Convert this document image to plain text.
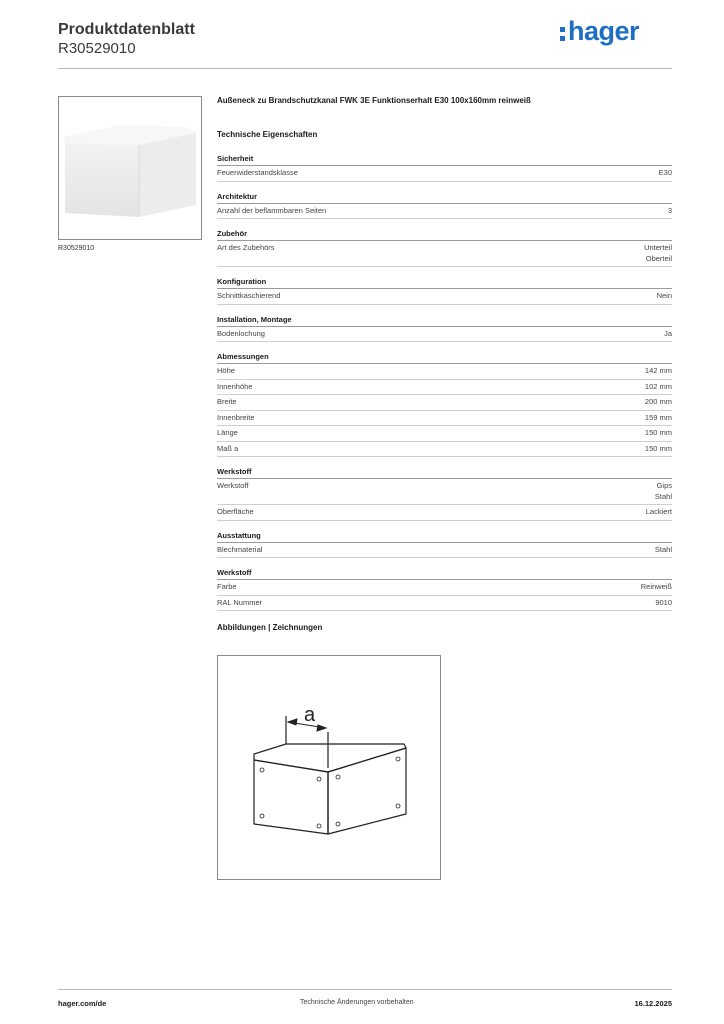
Produktdatenblatt
R30529010
hager
R30529010
Außeneck zu Brandschutzkanal FWK 3E Funktionserhalt E30 100x160mm reinweiß
Technische Eigenschaften
Sicherheit
Feuerwiderstandsklasse	E30
Architektur
Anzahl der beflammbaren Seiten	3
Zubehör
Art des Zubehörs	Unterteil
Oberteil
Konfiguration
Schnittkaschierend	Nein
Installation, Montage
Bodenlochung	Ja
Abmessungen
Höhe	142 mm
Innenhöhe	102 mm
Breite	200 mm
Innenbreite	159 mm
Länge	150 mm
Maß a	150 mm
Werkstoff
Werkstoff	Gips
Stahl
Oberfläche	Lackiert
Ausstattung
Blechmaterial	Stahl
Werkstoff
Farbe	Reinweiß
RAL Nummer	9010
Abbildungen | Zeichnungen
a
hager.com/de	Technische Änderungen vorbehalten	16.12.2025
